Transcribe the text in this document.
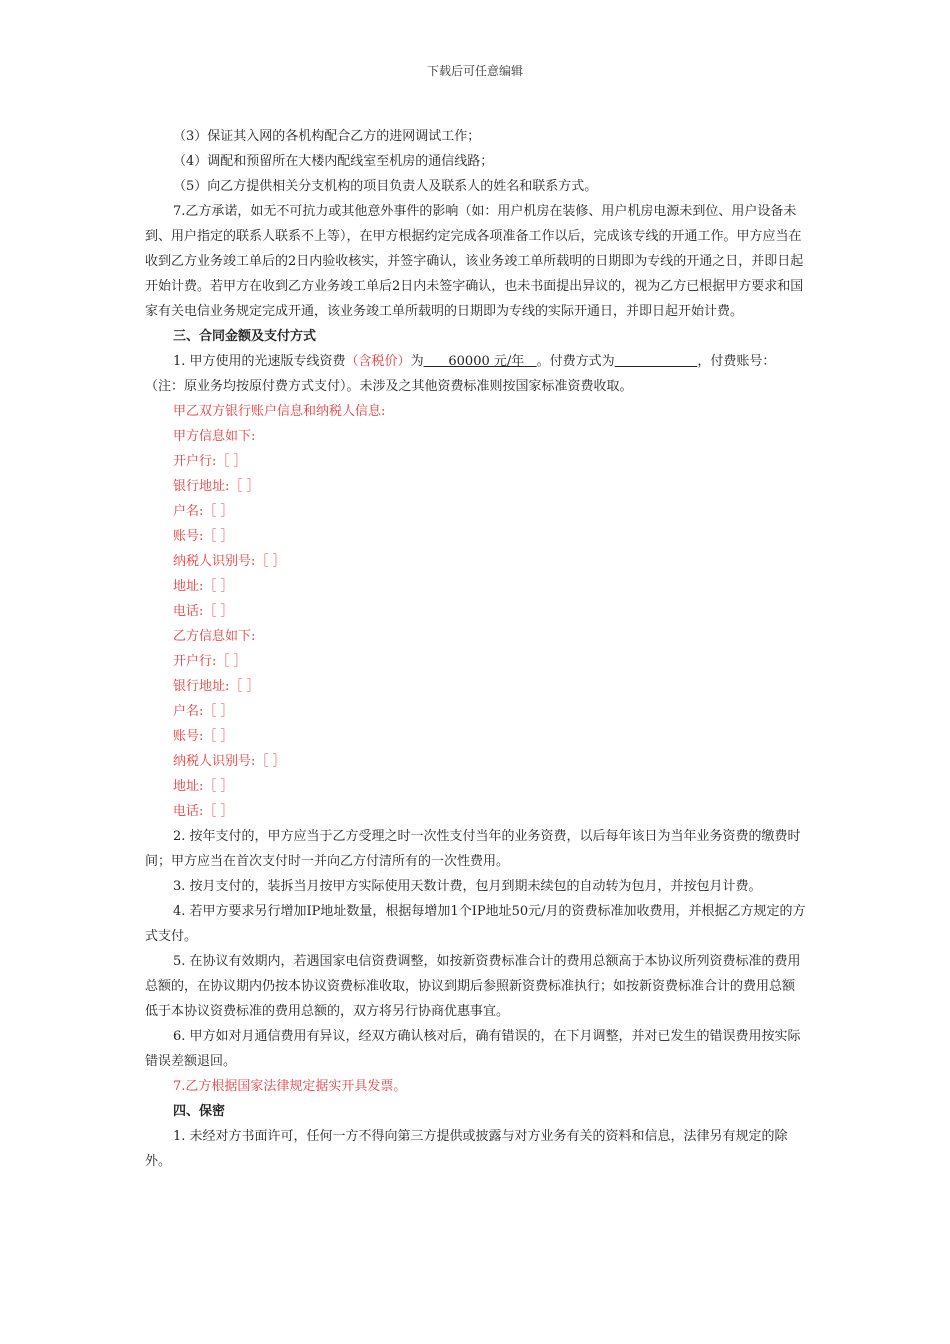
下载后可任意编辑

（3）保证其入网的各机构配合乙方的进网调试工作；

（4）调配和预留所在大楼内配线室至机房的通信线路；

（5）向乙方提供相关分支机构的项目负责人及联系人的姓名和联系方式。

7.乙方承诺，如无不可抗力或其他意外事件的影响（如：用户机房在装修、用户机房电源未到位、用户设备未到、用户指定的联系人联系不上等），在甲方根据约定完成各项准备工作以后，完成该专线的开通工作。甲方应当在收到乙方业务竣工单后的2日内验收核实，并签字确认，该业务竣工单所载明的日期即为专线的开通之日，并即日起开始计费。若甲方在收到乙方业务竣工单后2日内未签字确认，也未书面提出异议的，视为乙方已根据甲方要求和国家有关电信业务规定完成开通，该业务竣工单所载明的日期即为专线的实际开通日，并即日起开始计费。

三、合同金额及支付方式

1. 甲方使用的光速版专线资费（含税价）为 60000 元/年 。付费方式为	，付费账号：（注：原业务均按原付费方式支付）。未涉及之其他资费标准则按国家标准资费收取。

甲乙双方银行账户信息和纳税人信息:

甲方信息如下:

开户行:［ ］

银行地址:［ ］

户名:［ ］

账号:［ ］

纳税人识别号:［ ］

地址:［ ］

电话:［ ］

乙方信息如下:

开户行:［ ］

银行地址:［ ］

户名:［ ］

账号:［ ］

纳税人识别号:［ ］

地址:［ ］

电话:［ ］

2. 按年支付的，甲方应当于乙方受理之时一次性支付当年的业务资费，以后每年该日为当年业务资费的缴费时间；甲方应当在首次支付时一并向乙方付清所有的一次性费用。

3. 按月支付的，装拆当月按甲方实际使用天数计费，包月到期未续包的自动转为包月，并按包月计费。

4. 若甲方要求另行增加IP地址数量，根据每增加1个IP地址50元/月的资费标准加收费用，并根据乙方规定的方式支付。

5. 在协议有效期内，若遇国家电信资费调整，如按新资费标准合计的费用总额高于本协议所列资费标准的费用总额的，在协议期内仍按本协议资费标准收取，协议到期后参照新资费标准执行；如按新资费标准合计的费用总额低于本协议资费标准的费用总额的，双方将另行协商优惠事宜。

6. 甲方如对月通信费用有异议，经双方确认核对后，确有错误的，在下月调整，并对已发生的错误费用按实际错误差额退回。

7.乙方根据国家法律规定据实开具发票。

四、保密

1. 未经对方书面许可，任何一方不得向第三方提供或披露与对方业务有关的资料和信息，法律另有规定的除外。
